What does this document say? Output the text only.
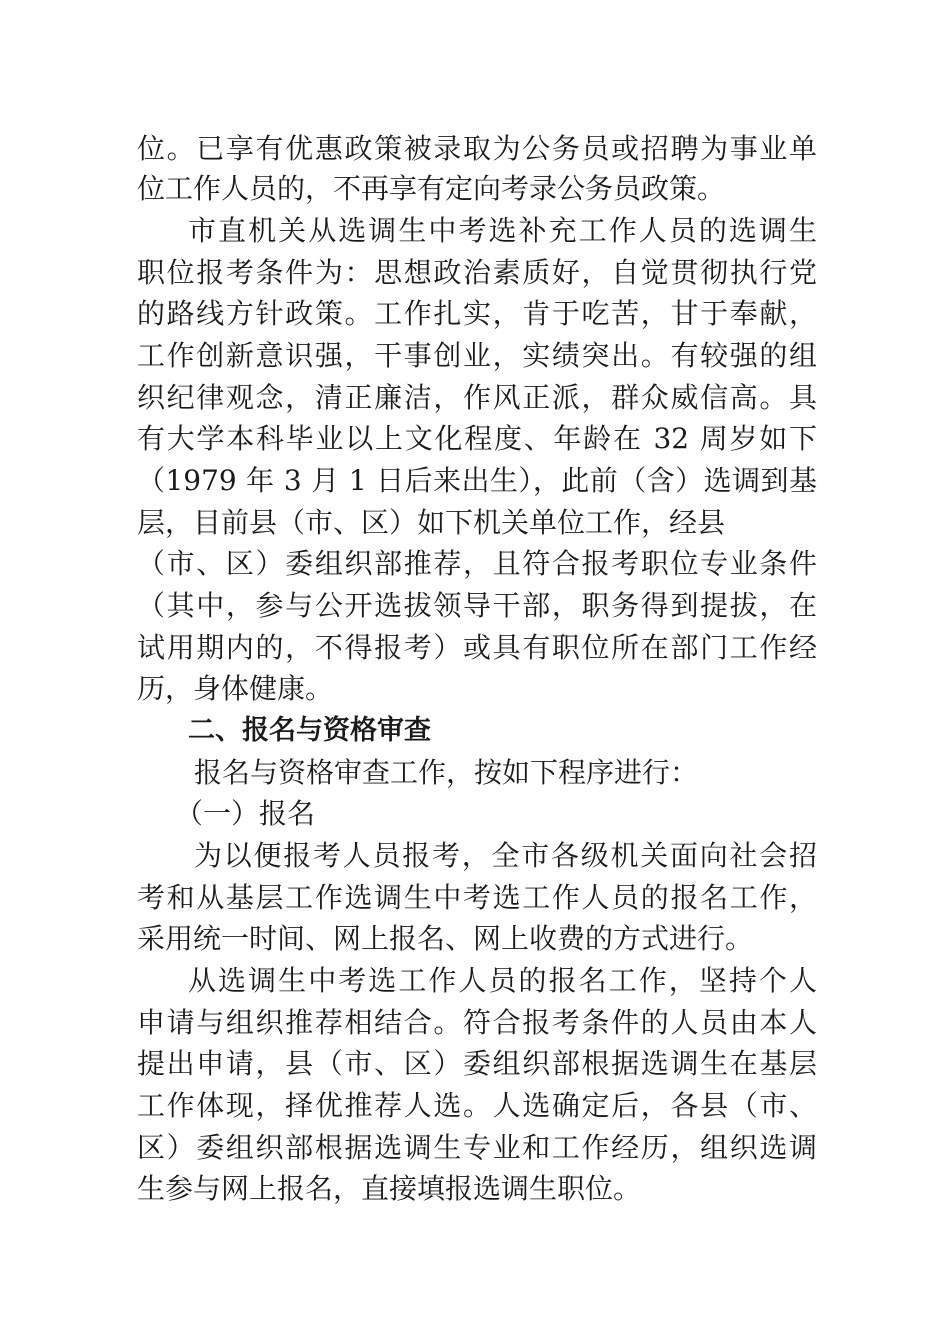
位。已享有优惠政策被录取为公务员或招聘为事业单
位工作人员的，不再享有定向考录公务员政策。
市直机关从选调生中考选补充工作人员的选调生
职位报考条件为：思想政治素质好，自觉贯彻执行党
的路线方针政策。工作扎实，肯于吃苦，甘于奉献，
工作创新意识强，干事创业，实绩突出。有较强的组
织纪律观念，清正廉洁，作风正派，群众威信高。具
有大学本科毕业以上文化程度、年龄在 32 周岁如下
（1979 年 3 月 1 日后来出生），此前（含）选调到基
层，目前县（市、区）如下机关单位工作，经县
（市、区）委组织部推荐，且符合报考职位专业条件
（其中，参与公开选拔领导干部，职务得到提拔，在
试用期内的，不得报考）或具有职位所在部门工作经
历，身体健康。
二、报名与资格审查
报名与资格审查工作，按如下程序进行：
（一）报名
为以便报考人员报考，全市各级机关面向社会招
考和从基层工作选调生中考选工作人员的报名工作，
采用统一时间、网上报名、网上收费的方式进行。
从选调生中考选工作人员的报名工作，坚持个人
申请与组织推荐相结合。符合报考条件的人员由本人
提出申请，县（市、区）委组织部根据选调生在基层
工作体现，择优推荐人选。人选确定后，各县（市、
区）委组织部根据选调生专业和工作经历，组织选调
生参与网上报名，直接填报选调生职位。
